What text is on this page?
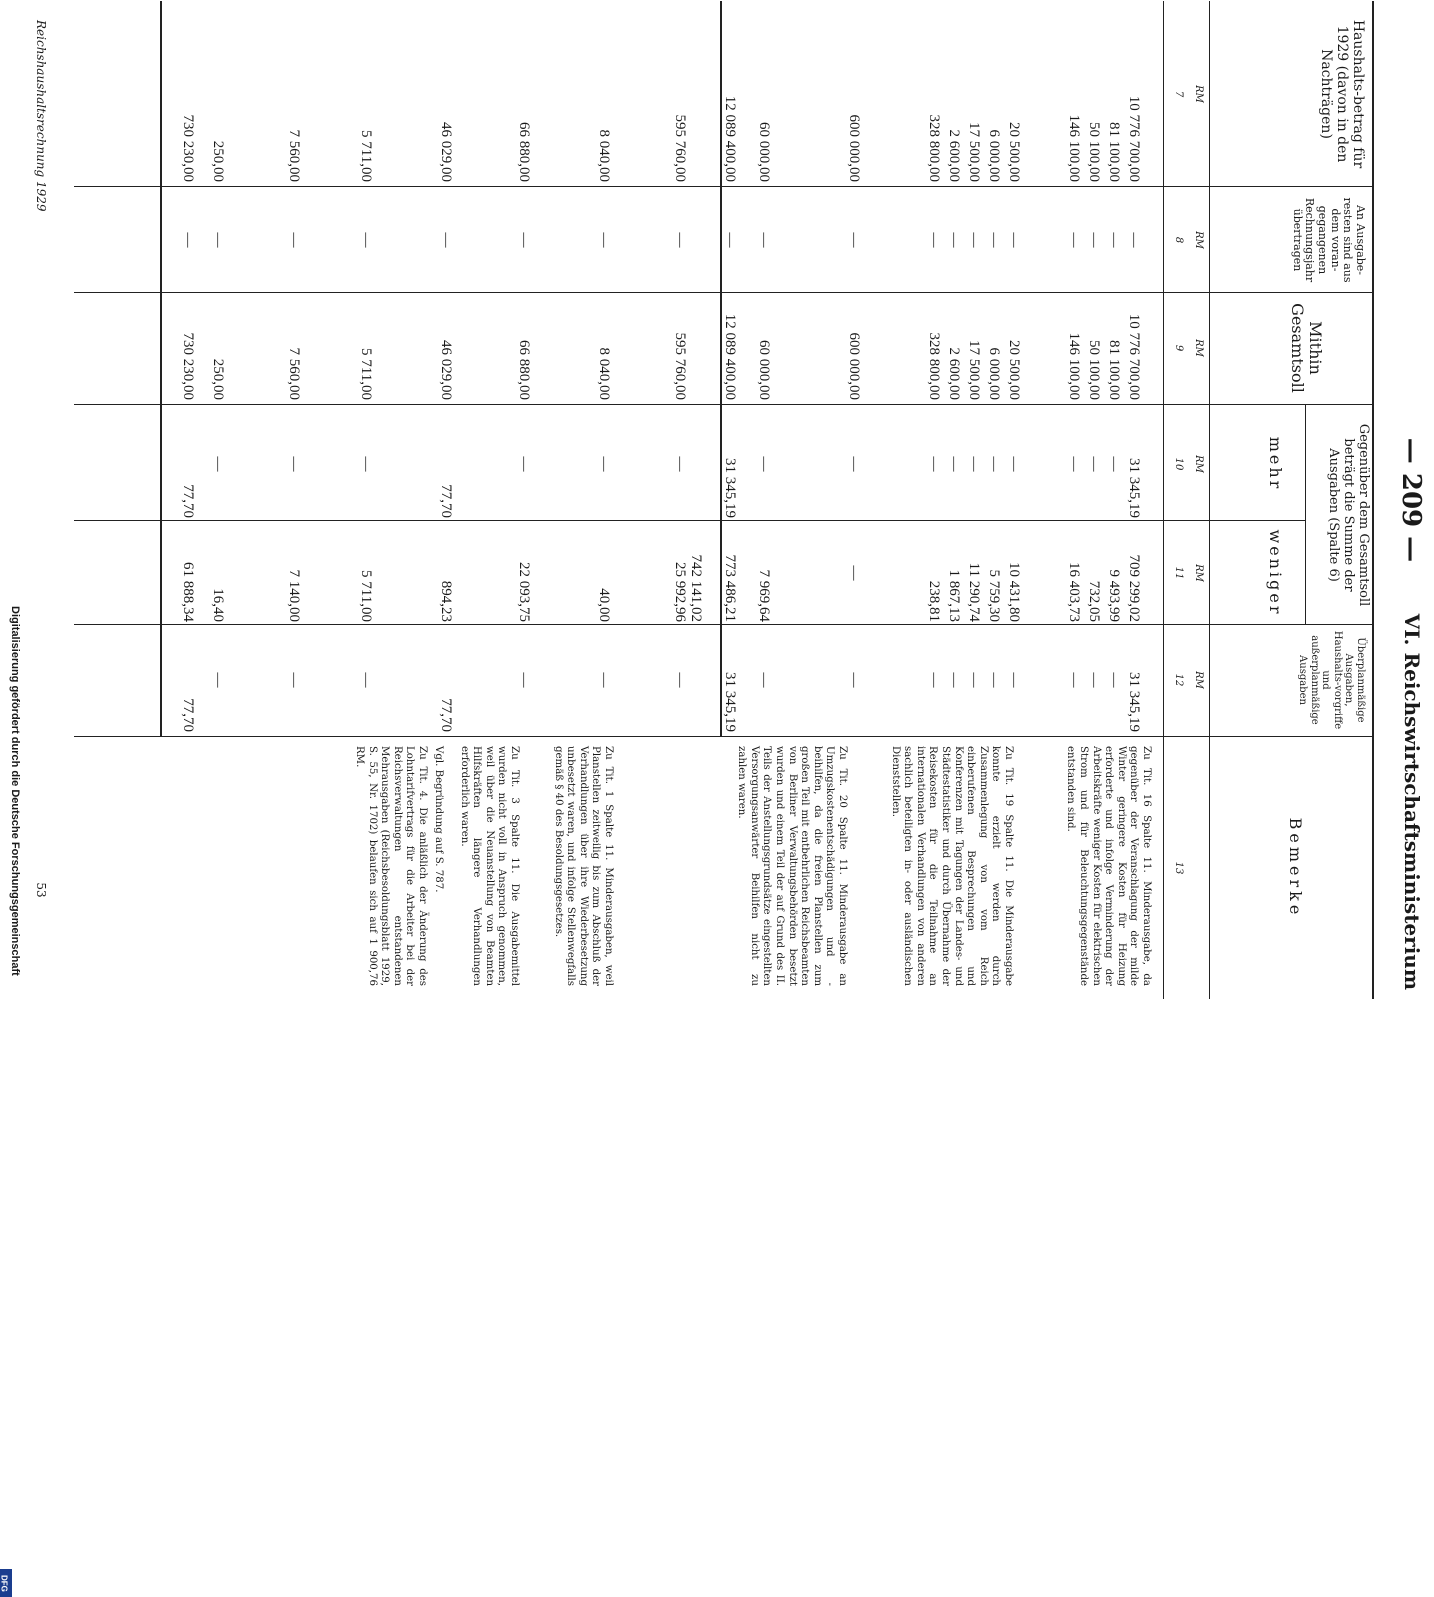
— 209 —
VI. Reichswirtschaftsministerium
Haushalts-betrag für 1929 (davon in den Nachträgen)
An Ausgabe-resten sind aus dem voran-gegangenen Rechnungsjahr übertragen
Mithin Gesamtsoll
Gegenüber dem Gesamtsoll beträgt die Summe der Ausgaben (Spalte 6)
mehr
weniger
Überplanmäßige Ausgaben, Haushalts-vorgriffe und außerplanmäßige Ausgaben
Bemerke
RM
RM
RM
RM
RM
RM
7
8
9
10
11
12
13
10 776 700,00
—
10 776 700,00
31 345,19
709 299,02
31 345,19
81 100,00
—
81 100,00
—
9 493,99
—
50 100,00
—
50 100,00
—
732,05
—
146 100,00
—
146 100,00
—
16 403,73
—
20 500,00
—
20 500,00
—
10 431,80
—
6 000,00
—
6 000,00
—
5 759,30
—
17 500,00
—
17 500,00
—
11 290,74
—
2 600,00
—
2 600,00
—
1 867,13
—
328 800,00
—
328 800,00
—
238,81
—
600 000,00
—
600 000,00
—
—
—
60 000,00
—
60 000,00
—
7 969,64
—
12 089 400,00
—
12 089 400,00
31 345,19
773 486,21
31 345,19
595 760,00
—
595 760,00
—
25 992,96
—
8 040,00
—
8 040,00
—
40,00
—
66 880,00
—
66 880,00
—
22 093,75
—
46 029,00
—
46 029,00
77,70
894,23
77,70
5 711,00
—
5 711,00
—
5 711,00
—
7 560,00
—
7 560,00
—
7 140,00
—
250,00
—
250,00
—
16,40
—
730 230,00
—
730 230,00
77,70
61 888,34
77,70
742 141,02
Zu Tit. 16 Spalte 11. Minderausgabe, da gegenüber der Veranschlagung der milde Winter geringere Kosten für Heizung erforderte und infolge Verminderung der Arbeitskräfte weniger Kosten für elektrischen Strom und für Beleuchtungsgegenstände entstanden sind.
Zu Tit. 19 Spalte 11. Die Minderausgabe konnte erzielt werden durch Zusammenlegung von vom Reich einberufenen Besprechungen und Konferenzen mit Tagungen der Landes- und Städtestatistiker und durch Übernahme der Reisekosten für die Teilnahme an internationalen Verhandlungen von anderen sachlich beteiligten in- oder ausländischen Dienststellen.
Zu Tit. 20 Spalte 11. Minderausgabe an Umzugskostenentschädigungen und -beihilfen, da die freien Planstellen zum großen Teil mit entbehrlichen Reichsbeamten von Berliner Verwaltungsbehörden besetzt wurden und einem Teil der auf Grund des II. Teils der Anstellungsgrundsätze eingestellten Versorgungsanwärter Beihilfen nicht zu zahlen waren.
Zu Tit. 1 Spalte 11. Minderausgaben, weil Planstellen zeitweilig bis zum Abschluß der Verhandlungen über ihre Wiederbesetzung unbesetzt waren, und infolge Stellenwegfalls gemäß § 40 des Besoldungsgesetzes.
Zu Tit. 3 Spalte 11. Die Ausgabemittel wurden nicht voll in Anspruch genommen, weil über die Neuanstellung von Beamten Hilfskräften längere Verhandlungen erforderlich waren.
Vgl. Begründung auf S. 787.
Zu Tit. 4. Die anläßlich der Änderung des Lohntarifvertrags für die Arbeiter bei der Reichsverwaltungen entstandenen Mehrausgaben (Reichsbesoldungsblatt 1929, S. 55, Nr. 1702) belaufen sich auf 1 900,76 RM.
Reichshaushaltsrechnung 1929
53
Digitalisierung gefördert durch die Deutsche Forschungsgemeinschaft
DFG
